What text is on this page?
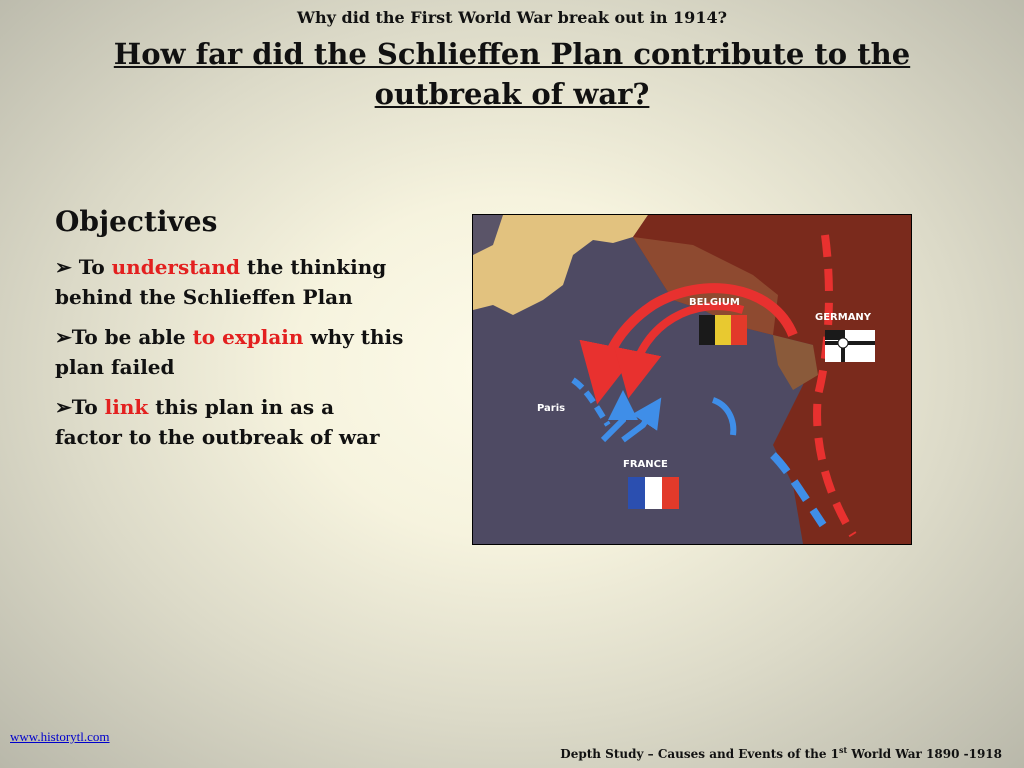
Why did the First World War break out in 1914?
How far did the Schlieffen Plan contribute to the outbreak of war?
Objectives
➢ To understand the thinking behind the Schlieffen Plan
➢To be able to explain why this plan failed
➢To link this plan in as a factor to the outbreak of war
BELGIUM
GERMANY
Paris
FRANCE
www.historytl.com
Depth Study – Causes and Events of the 1st World War 1890 -1918
